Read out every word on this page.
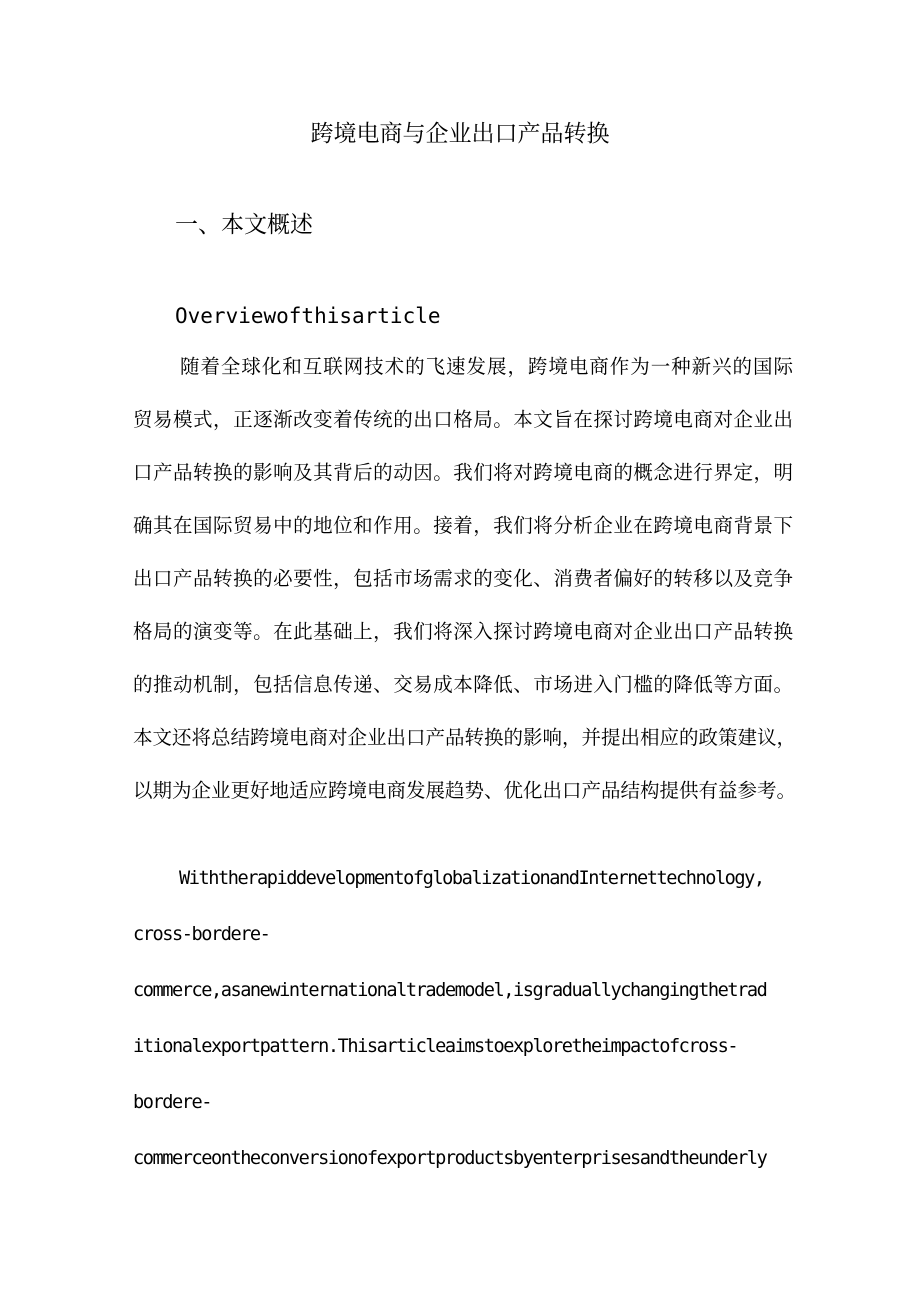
跨境电商与企业出口产品转换
一、本文概述

Overviewofthisarticle

随着全球化和互联网技术的飞速发展，跨境电商作为一种新兴的国际
贸易模式，正逐渐改变着传统的出口格局。本文旨在探讨跨境电商对企业出
口产品转换的影响及其背后的动因。我们将对跨境电商的概念进行界定，明
确其在国际贸易中的地位和作用。接着，我们将分析企业在跨境电商背景下
出口产品转换的必要性，包括市场需求的变化、消费者偏好的转移以及竞争
格局的演变等。在此基础上，我们将深入探讨跨境电商对企业出口产品转换
的推动机制，包括信息传递、交易成本降低、市场进入门槛的降低等方面。
本文还将总结跨境电商对企业出口产品转换的影响，并提出相应的政策建议，
以期为企业更好地适应跨境电商发展趋势、优化出口产品结构提供有益参考。
WiththerapiddevelopmentofglobalizationandInternettechnology,
cross-bordere-
commerce,asanewinternationaltrademodel,isgraduallychangingthetrad
itionalexportpattern.Thisarticleaimstoexploretheimpactofcross-
bordere-
commerceontheconversionofexportproductsbyenterprisesandtheunderly
